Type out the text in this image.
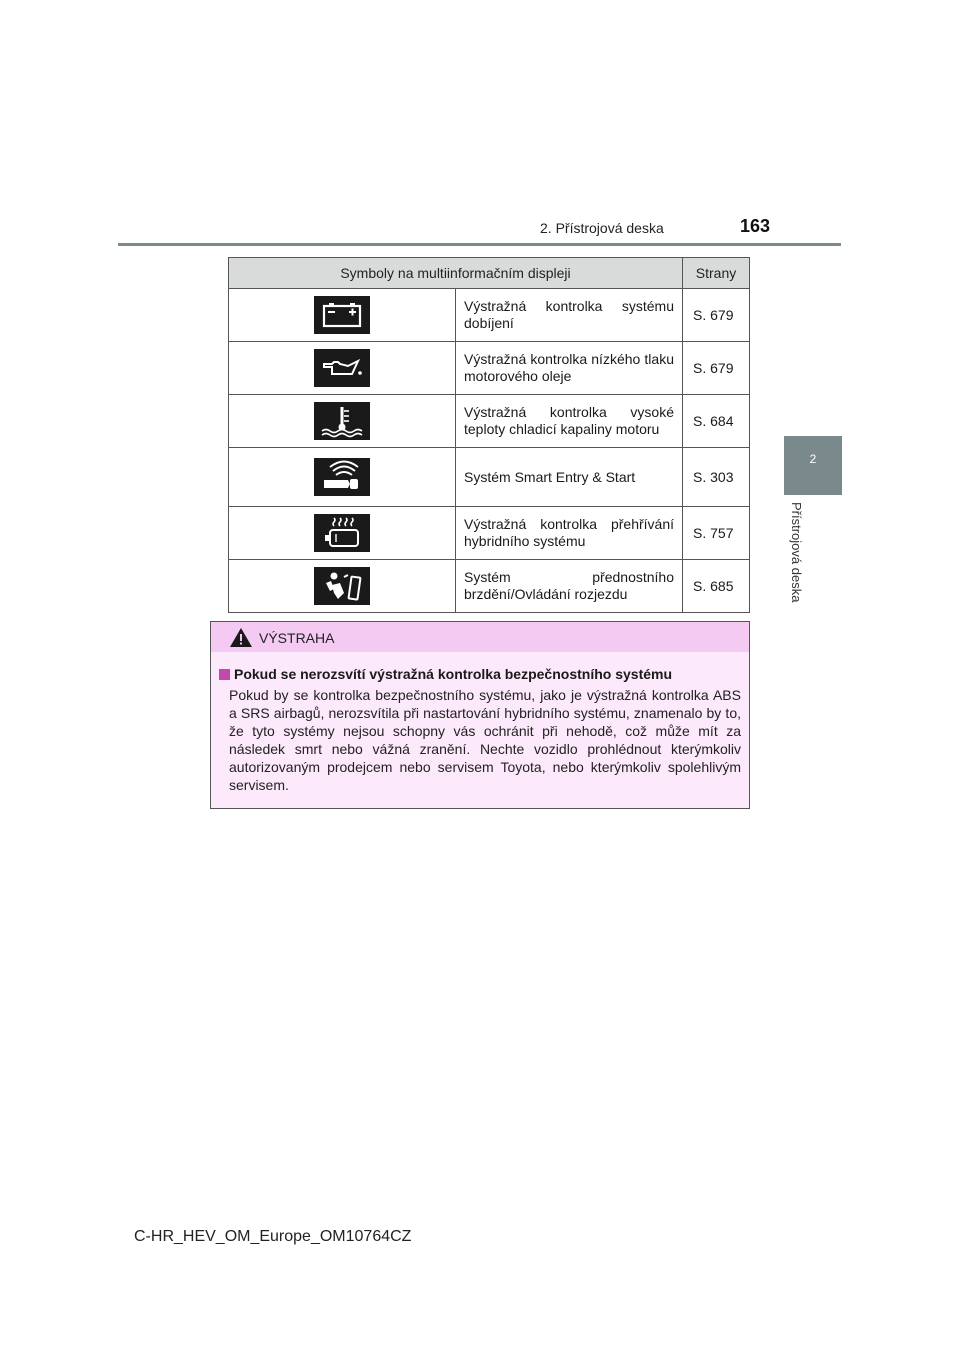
2. Přístrojová deska	163
2
Přístrojová deska
Symboly na multiinformačním displeji		Strany

	Výstražná kontrolka systému dobíjení	S. 679

	Výstražná kontrolka nízkého tlaku motorového oleje	S. 679

	Výstražná kontrolka vysoké teploty chladicí kapaliny motoru	S. 684

	Systém Smart Entry & Start	S. 303

	Výstražná kontrolka přehřívání hybridního systému	S. 757

	Systém přednostního brzdění/Ovládání rozjezdu	S. 685
VÝSTRAHA
Pokud se nerozsvítí výstražná kontrolka bezpečnostního systému
Pokud by se kontrolka bezpečnostního systému, jako je výstražná kontrolka ABS a SRS airbagů, nerozsvítila při nastartování hybridního systému, znamenalo by to, že tyto systémy nejsou schopny vás ochránit při nehodě, což může mít za následek smrt nebo vážná zranění. Nechte vozidlo prohlédnout kterýmkoliv autorizovaným prodejcem nebo servisem Toyota, nebo kterýmkoliv spolehlivým servisem.
C-HR_HEV_OM_Europe_OM10764CZ
